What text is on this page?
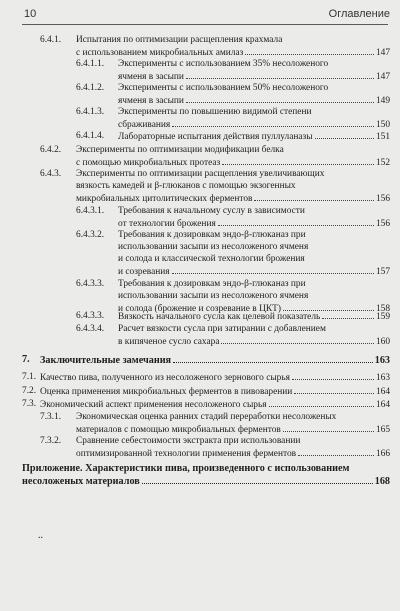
10	Оглавление
6.4.1. Испытания по оптимизации расщепления крахмала
с использованием микробиальных амилаз	147
6.4.1.1. Эксперименты с использованием 35% несоложеного
ячменя в засыпи	147
6.4.1.2. Эксперименты с использованием 50% несоложеного
ячменя в засыпи	149
6.4.1.3. Эксперименты по повышению видимой степени
сбраживания	150
6.4.1.4. Лабораторные испытания действия пуллуланазы	151
6.4.2. Эксперименты по оптимизации модификации белка
с помощью микробиальных протеаз	152
6.4.3. Эксперименты по оптимизации расщепления увеличивающих
вязкость камедей и β-глюканов с помощью экзогенных
микробиальных цитолитических ферментов	156
6.4.3.1. Требования к начальному суслу в зависимости
от технологии брожения	156
6.4.3.2. Требования к дозировкам эндо-β-глюканаз при
использовании засыпи из несоложеного ячменя
и солода и классической технологии брожения
и созревания	157
6.4.3.3. Требования к дозировкам эндо-β-глюканаз при
использовании засыпи из несоложеного ячменя
и солода (брожение и созревание в ЦКТ)	158
6.4.3.3. Вязкость начального сусла как целевой показатель	159
6.4.3.4. Расчет вязкости сусла при затирании с добавлением
в кипяченое сусло сахара	160
7. Заключительные замечания	163
7.1. Качество пива, полученного из несоложеного зернового сырья	163
7.2. Оценка применения микробиальных ферментов в пивоварении	164
7.3. Экономический аспект применения несоложеного сырья	164
7.3.1. Экономическая оценка ранних стадий переработки несоложеных
материалов с помощью микробиальных ферментов	165
7.3.2. Сравнение себестоимости экстракта при использовании
оптимизированной технологии применения ферментов	166
Приложение. Характеристики пива, произведенного с использованием
несоложеных материалов	168
..
